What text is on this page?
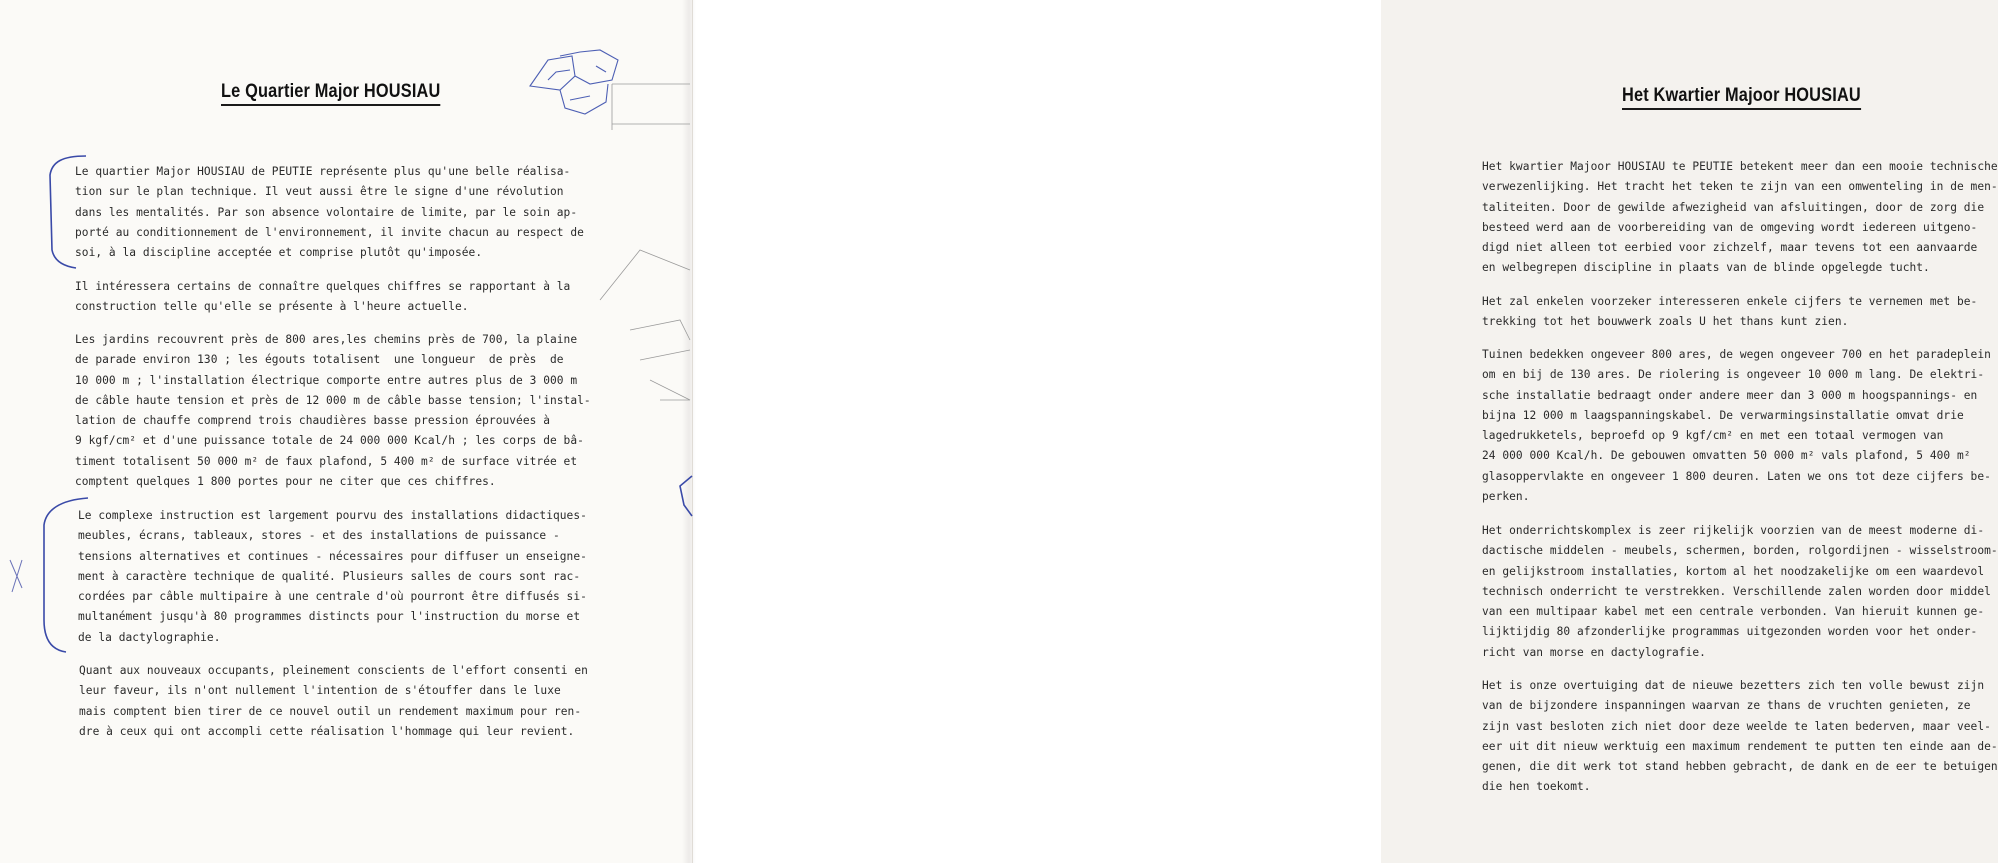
Le Quartier Major HOUSIAU

Le quartier Major HOUSIAU de PEUTIE représente plus qu'une belle réalisa-
tion sur le plan technique. Il veut aussi être le signe d'une révolution
dans les mentalités. Par son absence volontaire de limite, par le soin ap-
porté au conditionnement de l'environnement, il invite chacun au respect de
soi, à la discipline acceptée et comprise plutôt qu'imposée.

Il intéressera certains de connaître quelques chiffres se rapportant à la
construction telle qu'elle se présente à l'heure actuelle.

Les jardins recouvrent près de 800 ares,les chemins près de 700, la plaine
de parade environ 130 ; les égouts totalisent  une longueur  de près  de
10 000 m ; l'installation électrique comporte entre autres plus de 3 000 m
de câble haute tension et près de 12 000 m de câble basse tension; l'instal-
lation de chauffe comprend trois chaudières basse pression éprouvées à
9 kgf/cm² et d'une puissance totale de 24 000 000 Kcal/h ; les corps de bâ-
timent totalisent 50 000 m² de faux plafond, 5 400 m² de surface vitrée et
comptent quelques 1 800 portes pour ne citer que ces chiffres.

Le complexe instruction est largement pourvu des installations didactiques-
meubles, écrans, tableaux, stores - et des installations de puissance -
tensions alternatives et continues - nécessaires pour diffuser un enseigne-
ment à caractère technique de qualité. Plusieurs salles de cours sont rac-
cordées par câble multipaire à une centrale d'où pourront être diffusés si-
multanément jusqu'à 80 programmes distincts pour l'instruction du morse et
de la dactylographie.

Quant aux nouveaux occupants, pleinement conscients de l'effort consenti en
leur faveur, ils n'ont nullement l'intention de s'étouffer dans le luxe
mais comptent bien tirer de ce nouvel outil un rendement maximum pour ren-
dre à ceux qui ont accompli cette réalisation l'hommage qui leur revient.

Het Kwartier Majoor HOUSIAU

Het kwartier Majoor HOUSIAU te PEUTIE betekent meer dan een mooie technische
verwezenlijking. Het tracht het teken te zijn van een omwenteling in de men-
taliteiten. Door de gewilde afwezigheid van afsluitingen, door de zorg die
besteed werd aan de voorbereiding van de omgeving wordt iedereen uitgeno-
digd niet alleen tot eerbied voor zichzelf, maar tevens tot een aanvaarde
en welbegrepen discipline in plaats van de blinde opgelegde tucht.

Het zal enkelen voorzeker interesseren enkele cijfers te vernemen met be-
trekking tot het bouwwerk zoals U het thans kunt zien.

Tuinen bedekken ongeveer 800 ares, de wegen ongeveer 700 en het paradeplein
om en bij de 130 ares. De riolering is ongeveer 10 000 m lang. De elektri-
sche installatie bedraagt onder andere meer dan 3 000 m hoogspannings- en
bijna 12 000 m laagspanningskabel. De verwarmingsinstallatie omvat drie
lagedrukketels, beproefd op 9 kgf/cm² en met een totaal vermogen van
24 000 000 Kcal/h. De gebouwen omvatten 50 000 m² vals plafond, 5 400 m²
glasoppervlakte en ongeveer 1 800 deuren. Laten we ons tot deze cijfers be-
perken.

Het onderrichtskomplex is zeer rijkelijk voorzien van de meest moderne di-
dactische middelen - meubels, schermen, borden, rolgordijnen - wisselstroom-
en gelijkstroom installaties, kortom al het noodzakelijke om een waardevol
technisch onderricht te verstrekken. Verschillende zalen worden door middel
van een multipaar kabel met een centrale verbonden. Van hieruit kunnen ge-
lijktijdig 80 afzonderlijke programmas uitgezonden worden voor het onder-
richt van morse en dactylografie.

Het is onze overtuiging dat de nieuwe bezetters zich ten volle bewust zijn
van de bijzondere inspanningen waarvan ze thans de vruchten genieten, ze
zijn vast besloten zich niet door deze weelde te laten bederven, maar veel-
eer uit dit nieuw werktuig een maximum rendement te putten ten einde aan de-
genen, die dit werk tot stand hebben gebracht, de dank en de eer te betuigen
die hen toekomt.
